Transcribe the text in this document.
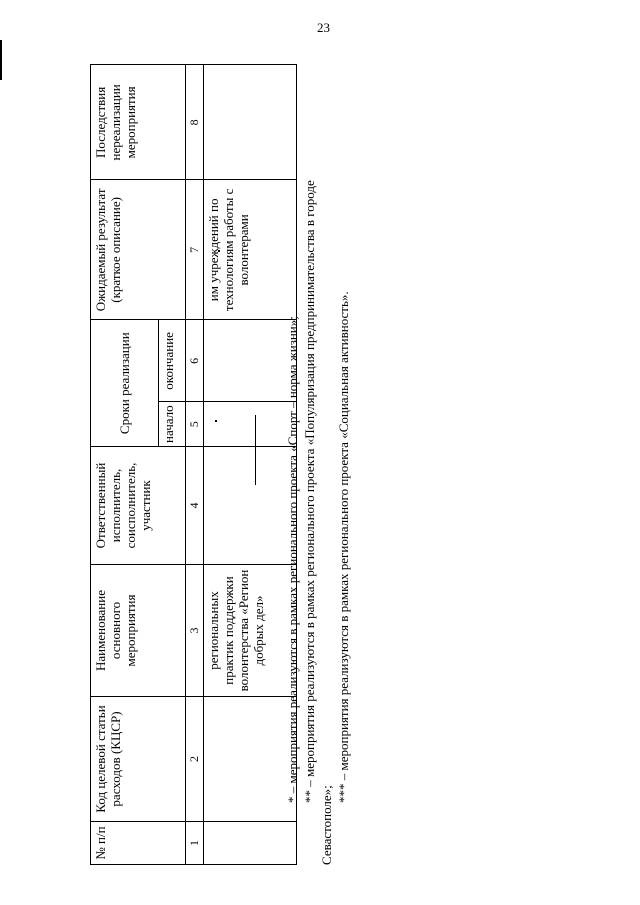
23
№ п/п	Код целевой статьи расходов (КЦСР)	Наименование основного мероприятия	Ответственный исполнитель, соисполнитель, участник	Сроки реализации		Ожидаемый результат (краткое описание)	Последствия нереализации мероприятия
				начало	окончание		
1	2	3	4	5	6	7	8
		региональных практик поддержки волонтерства «Регион добрых дел»				им учреждений по технологиям работы с волонтерами	
* – мероприятия реализуются в рамках регионального проекта «Спорт – норма жизни»; ** – мероприятия реализуются в рамках регионального проекта «Популяризация предпринимательства в городе
Севастополе»;
*** – мероприятия реализуются в рамках регионального проекта «Социальная активность».
